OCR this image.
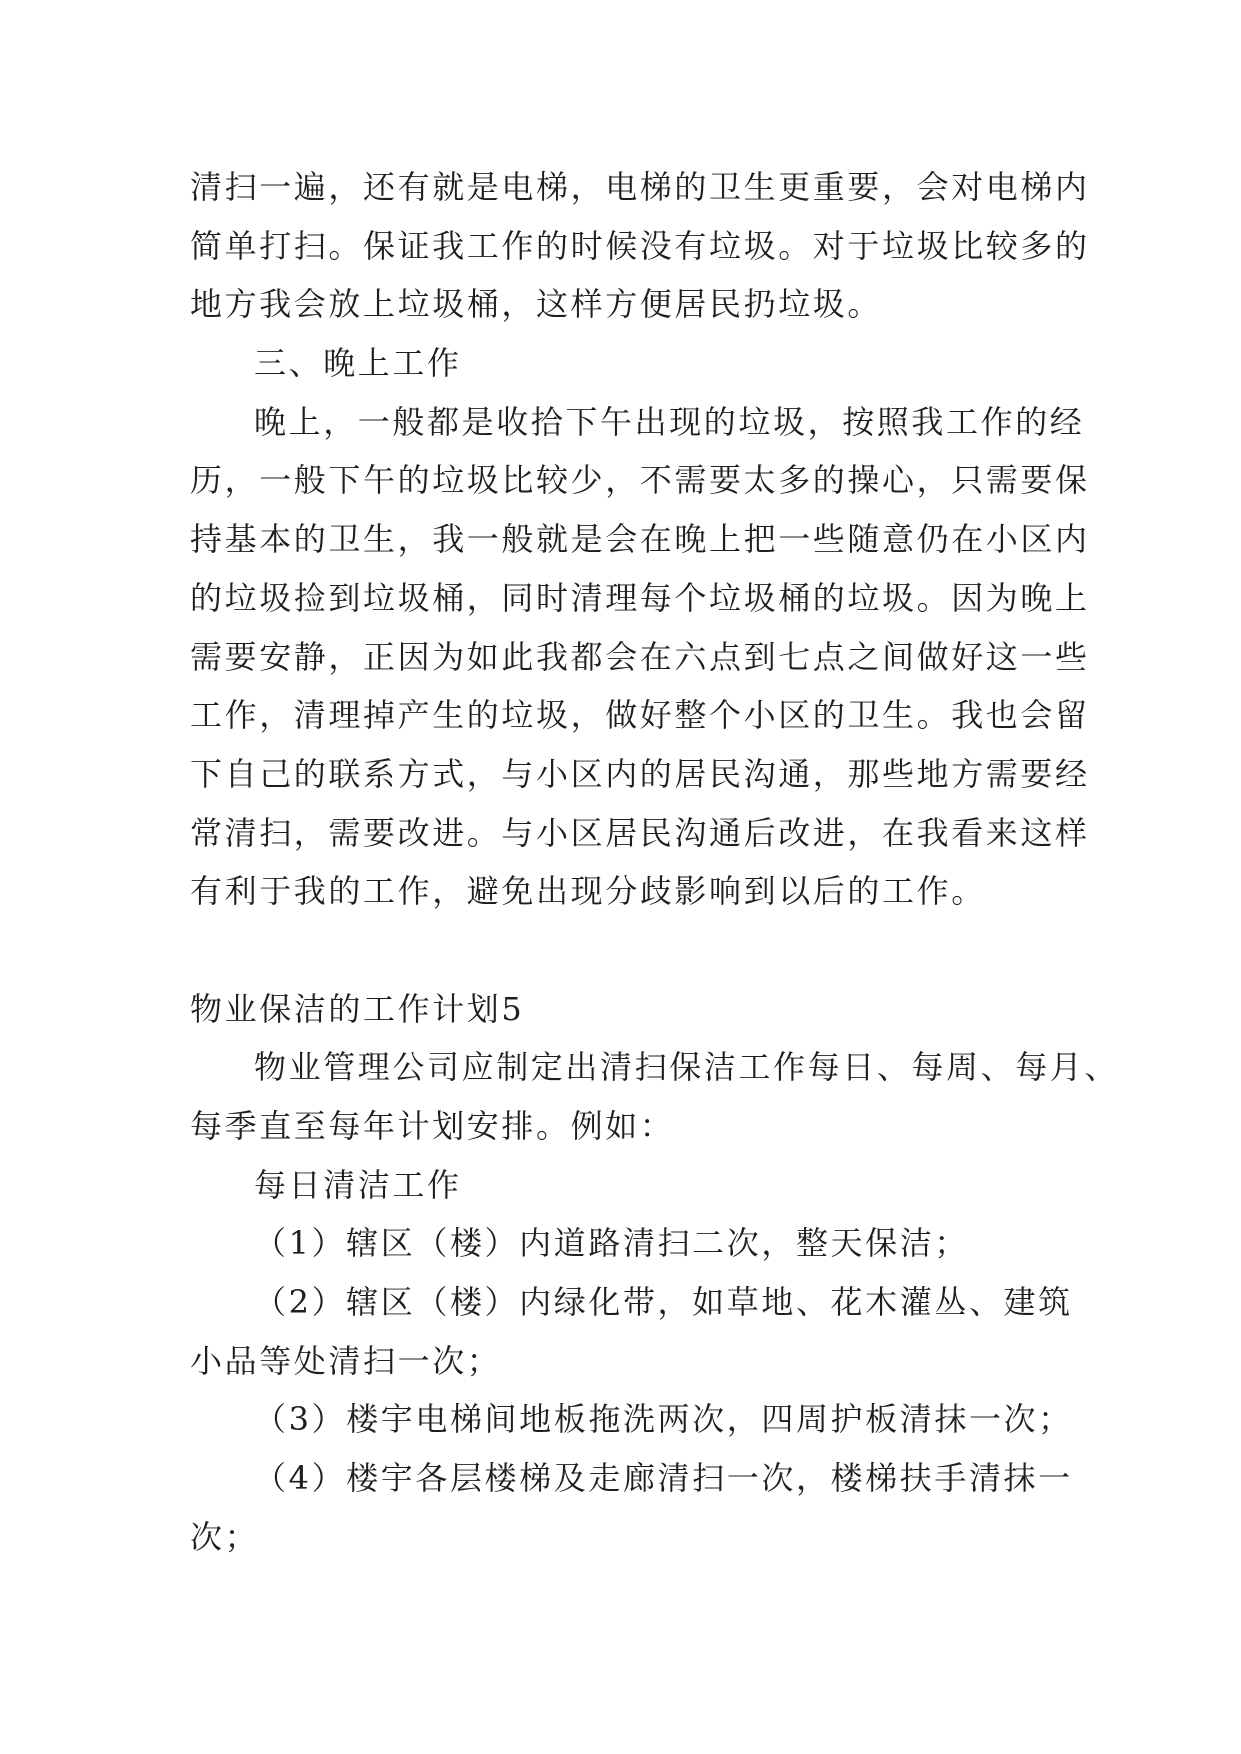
清扫一遍，还有就是电梯，电梯的卫生更重要，会对电梯内
简单打扫。保证我工作的时候没有垃圾。对于垃圾比较多的
地方我会放上垃圾桶，这样方便居民扔垃圾。
三、晚上工作
晚上，一般都是收拾下午出现的垃圾，按照我工作的经
历，一般下午的垃圾比较少，不需要太多的操心，只需要保
持基本的卫生，我一般就是会在晚上把一些随意仍在小区内
的垃圾捡到垃圾桶，同时清理每个垃圾桶的垃圾。因为晚上
需要安静，正因为如此我都会在六点到七点之间做好这一些
工作，清理掉产生的垃圾，做好整个小区的卫生。我也会留
下自己的联系方式，与小区内的居民沟通，那些地方需要经
常清扫，需要改进。与小区居民沟通后改进，在我看来这样
有利于我的工作，避免出现分歧影响到以后的工作。
物业保洁的工作计划5
物业管理公司应制定出清扫保洁工作每日、每周、每月、
每季直至每年计划安排。例如：
每日清洁工作
（1）辖区（楼）内道路清扫二次，整天保洁；
（2）辖区（楼）内绿化带，如草地、花木灌丛、建筑
小品等处清扫一次；
（3）楼宇电梯间地板拖洗两次，四周护板清抹一次；
（4）楼宇各层楼梯及走廊清扫一次，楼梯扶手清抹一
次；
